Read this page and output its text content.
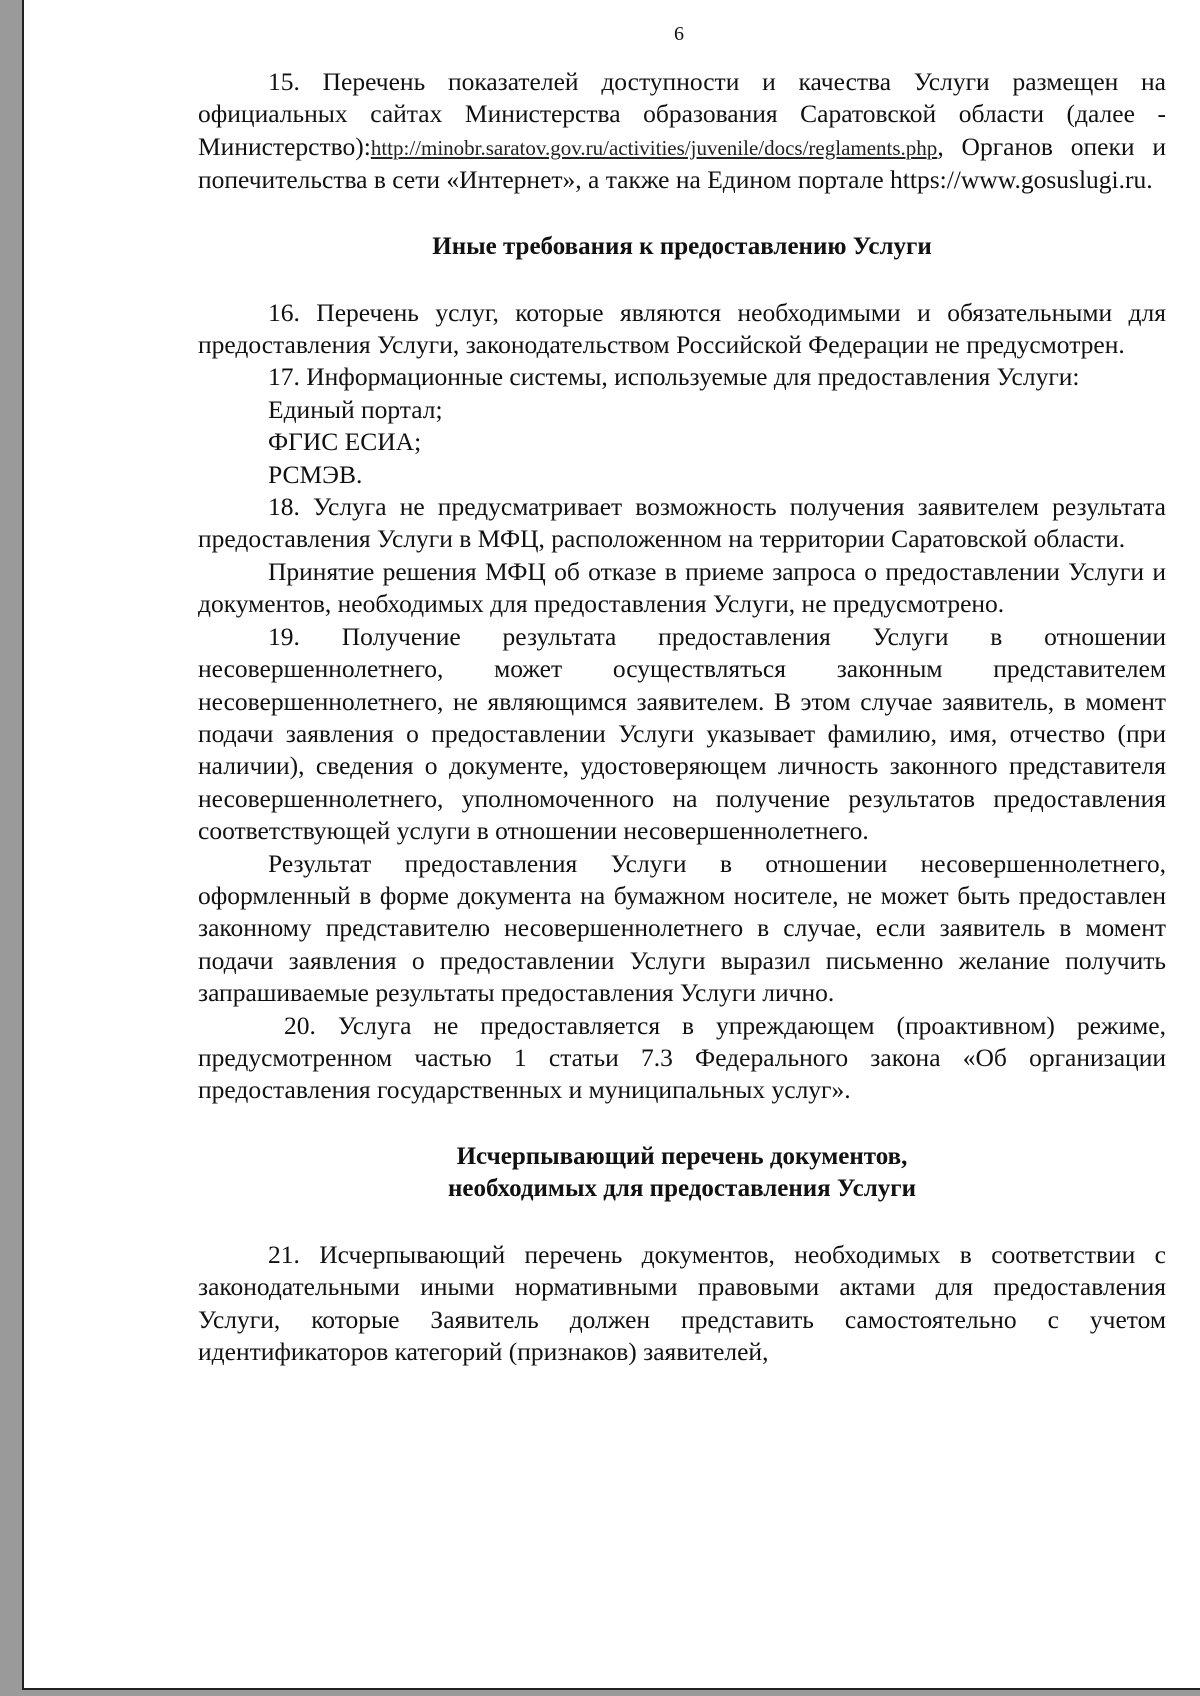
6

15. Перечень показателей доступности и качества Услуги размещен на официальных сайтах Министерства образования Саратовской области (далее - Министерство):http://minobr.saratov.gov.ru/activities/juvenile/docs/reglaments.php, Органов опеки и попечительства в сети «Интернет», а также на Едином портале https://www.gosuslugi.ru.

Иные требования к предоставлению Услуги

16. Перечень услуг, которые являются необходимыми и обязательными для предоставления Услуги, законодательством Российской Федерации не предусмотрен.

17. Информационные системы, используемые для предоставления Услуги:

Единый портал;

ФГИС ЕСИА;

РСМЭВ.

18. Услуга не предусматривает возможность получения заявителем результата предоставления Услуги в МФЦ, расположенном на территории Саратовской области.

Принятие решения МФЦ об отказе в приеме запроса о предоставлении Услуги и документов, необходимых для предоставления Услуги, не предусмотрено.

19. Получение результата предоставления Услуги в отношении несовершеннолетнего, может осуществляться законным представителем несовершеннолетнего, не являющимся заявителем. В этом случае заявитель, в момент подачи заявления о предоставлении Услуги указывает фамилию, имя, отчество (при наличии), сведения о документе, удостоверяющем личность законного представителя несовершеннолетнего, уполномоченного на получение результатов предоставления соответствующей услуги в отношении несовершеннолетнего.

Результат предоставления Услуги в отношении несовершеннолетнего, оформленный в форме документа на бумажном носителе, не может быть предоставлен законному представителю несовершеннолетнего в случае, если заявитель в момент подачи заявления о предоставлении Услуги выразил письменно желание получить запрашиваемые результаты предоставления Услуги лично.

20. Услуга не предоставляется в упреждающем (проактивном) режиме, предусмотренном частью 1 статьи 7.3 Федерального закона «Об организации предоставления государственных и муниципальных услуг».

Исчерпывающий перечень документов,
необходимых для предоставления Услуги

21. Исчерпывающий перечень документов, необходимых в соответствии с законодательными иными нормативными правовыми актами для предоставления Услуги, которые Заявитель должен представить самостоятельно с учетом идентификаторов категорий (признаков) заявителей,
